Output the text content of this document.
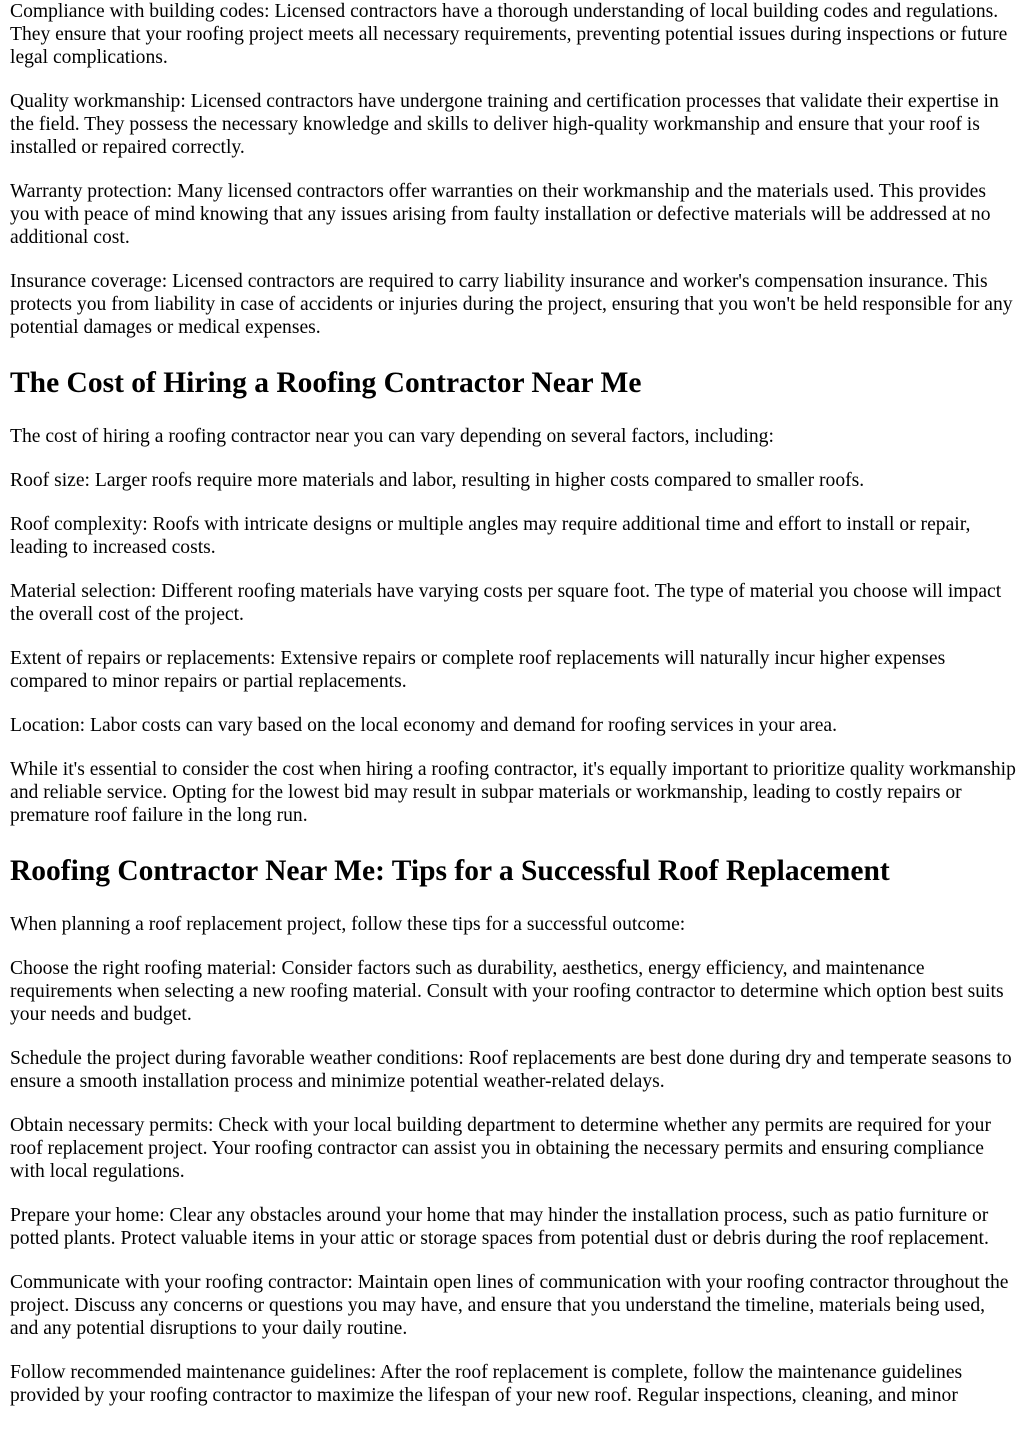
Compliance with building codes: Licensed contractors have a thorough understanding of local building codes and regulations. They ensure that your roofing project meets all necessary requirements, preventing potential issues during inspections or future legal complications.

Quality workmanship: Licensed contractors have undergone training and certification processes that validate their expertise in the field. They possess the necessary knowledge and skills to deliver high-quality workmanship and ensure that your roof is installed or repaired correctly.

Warranty protection: Many licensed contractors offer warranties on their workmanship and the materials used. This provides you with peace of mind knowing that any issues arising from faulty installation or defective materials will be addressed at no additional cost.

Insurance coverage: Licensed contractors are required to carry liability insurance and worker's compensation insurance. This protects you from liability in case of accidents or injuries during the project, ensuring that you won't be held responsible for any potential damages or medical expenses.

The Cost of Hiring a Roofing Contractor Near Me

The cost of hiring a roofing contractor near you can vary depending on several factors, including:

Roof size: Larger roofs require more materials and labor, resulting in higher costs compared to smaller roofs.

Roof complexity: Roofs with intricate designs or multiple angles may require additional time and effort to install or repair, leading to increased costs.

Material selection: Different roofing materials have varying costs per square foot. The type of material you choose will impact the overall cost of the project.

Extent of repairs or replacements: Extensive repairs or complete roof replacements will naturally incur higher expenses compared to minor repairs or partial replacements.

Location: Labor costs can vary based on the local economy and demand for roofing services in your area.

While it's essential to consider the cost when hiring a roofing contractor, it's equally important to prioritize quality workmanship and reliable service. Opting for the lowest bid may result in subpar materials or workmanship, leading to costly repairs or premature roof failure in the long run.

Roofing Contractor Near Me: Tips for a Successful Roof Replacement

When planning a roof replacement project, follow these tips for a successful outcome:

Choose the right roofing material: Consider factors such as durability, aesthetics, energy efficiency, and maintenance requirements when selecting a new roofing material. Consult with your roofing contractor to determine which option best suits your needs and budget.

Schedule the project during favorable weather conditions: Roof replacements are best done during dry and temperate seasons to ensure a smooth installation process and minimize potential weather-related delays.

Obtain necessary permits: Check with your local building department to determine whether any permits are required for your roof replacement project. Your roofing contractor can assist you in obtaining the necessary permits and ensuring compliance with local regulations.

Prepare your home: Clear any obstacles around your home that may hinder the installation process, such as patio furniture or potted plants. Protect valuable items in your attic or storage spaces from potential dust or debris during the roof replacement.

Communicate with your roofing contractor: Maintain open lines of communication with your roofing contractor throughout the project. Discuss any concerns or questions you may have, and ensure that you understand the timeline, materials being used, and any potential disruptions to your daily routine.

Follow recommended maintenance guidelines: After the roof replacement is complete, follow the maintenance guidelines provided by your roofing contractor to maximize the lifespan of your new roof. Regular inspections, cleaning, and minor
